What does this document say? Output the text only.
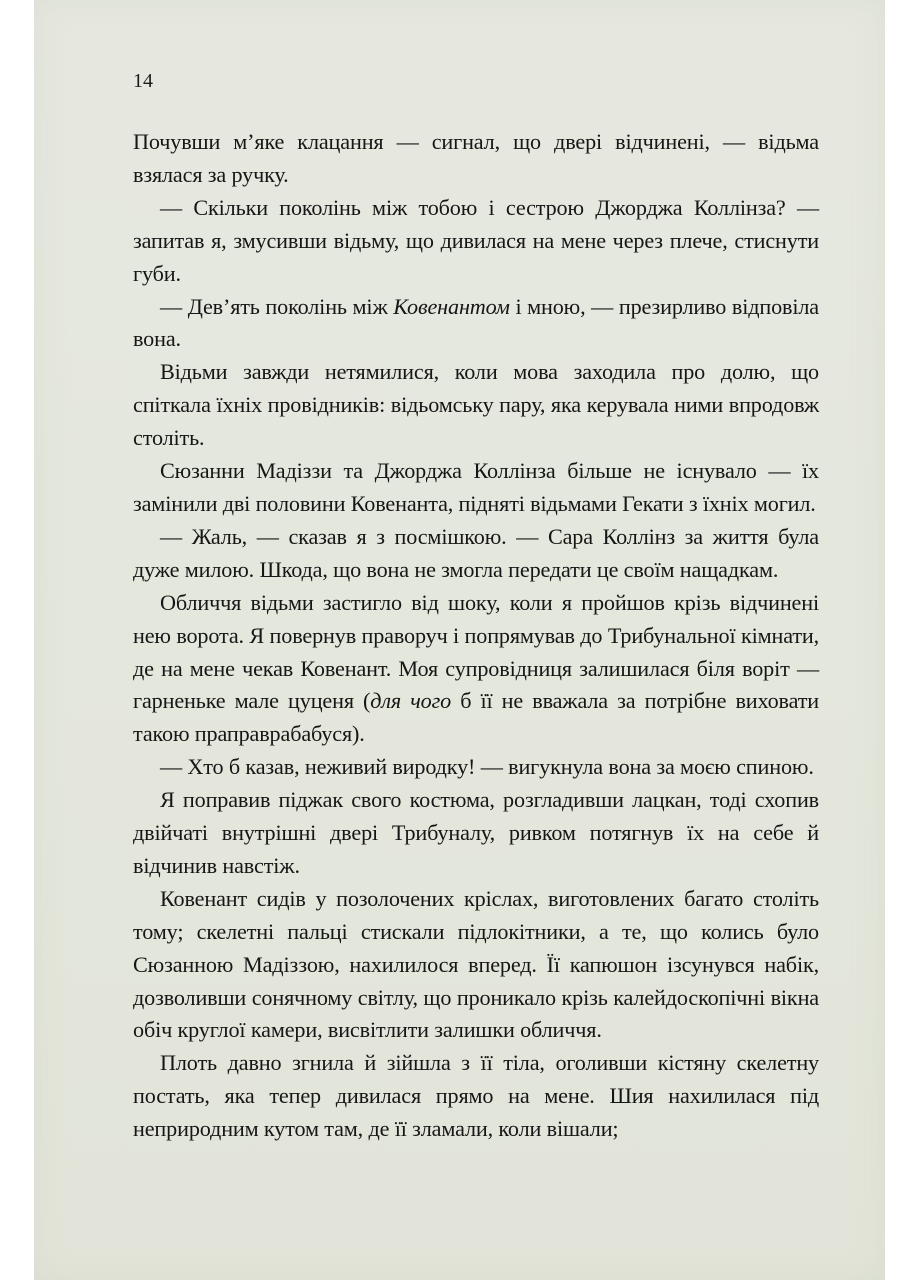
14

Почувши м’яке клацання — сигнал, що двері відчинені, — відьма взялася за ручку.

— Скільки поколінь між тобою і сестрою Джорджа Коллінза? — запитав я, змусивши відьму, що дивилася на мене через плече, стиснути губи.

— Дев’ять поколінь між Ковенантом і мною, — презирливо відповіла вона.

Відьми завжди нетямилися, коли мова заходила про долю, що спіткала їхніх провідників: відьомську пару, яка керувала ними впродовж століть.

Сюзанни Мадіззи та Джорджа Коллінза більше не існувало — їх замінили дві половини Ковенанта, підняті відьмами Гекати з їхніх могил.

— Жаль, — сказав я з посмішкою. — Сара Коллінз за життя була дуже милою. Шкода, що вона не змогла передати це своїм нащадкам.

Обличчя відьми застигло від шоку, коли я пройшов крізь відчинені нею ворота. Я повернув праворуч і попрямував до Трибунальної кімнати, де на мене чекав Ковенант. Моя супровідниця залишилася біля воріт — гарненьке мале цуценя (для чого б її не вважала за потрібне виховати такою праправрабабуся).

— Хто б казав, неживий виродку! — вигукнула вона за моєю спиною.

Я поправив піджак свого костюма, розгладивши лацкан, тоді схопив двійчаті внутрішні двері Трибуналу, ривком потягнув їх на себе й відчинив навстіж.

Ковенант сидів у позолочених кріслах, виготовлених багато століть тому; скелетні пальці стискали підлокітники, а те, що колись було Сюзанною Мадіззою, нахилилося вперед. Її капюшон ізсунувся набік, дозволивши сонячному світлу, що проникало крізь калейдоскопічні вікна обіч круглої камери, висвітлити залишки обличчя.

Плоть давно згнила й зійшла з її тіла, оголивши кістяну скелетну постать, яка тепер дивилася прямо на мене. Шия нахилилася під неприродним кутом там, де її зламали, коли вішали;
